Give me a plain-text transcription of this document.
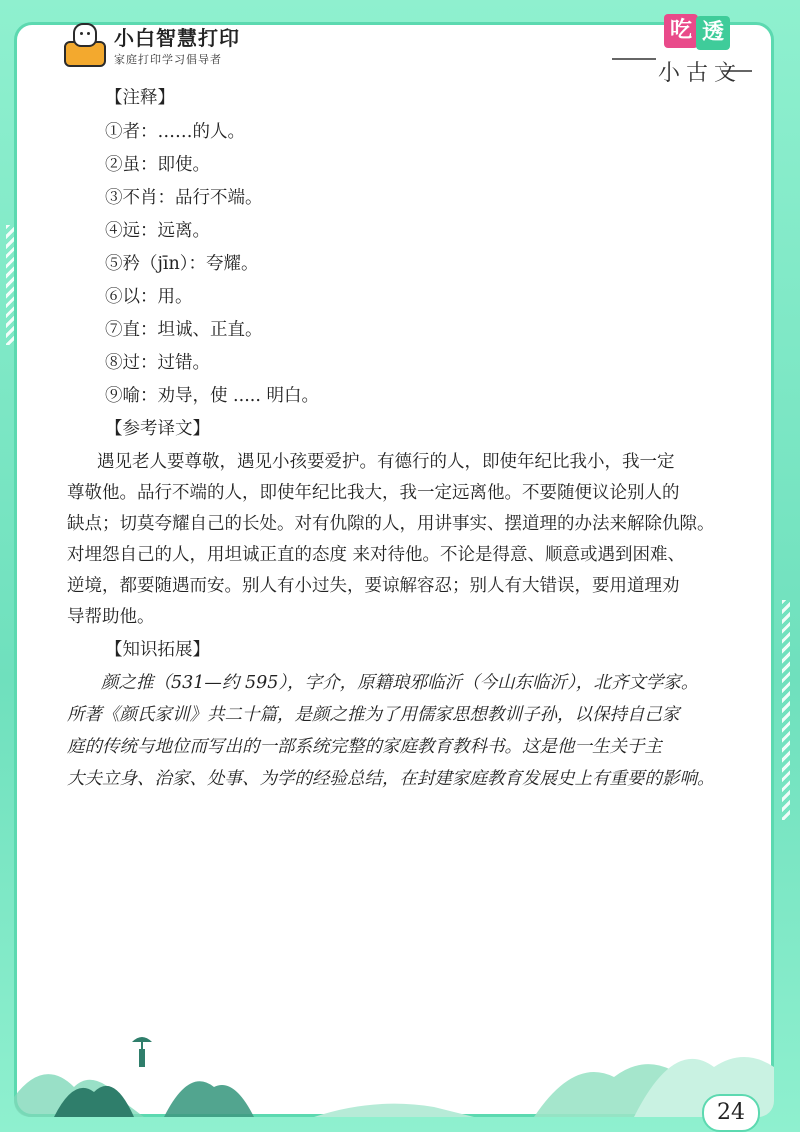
小白智慧打印
家庭打印学习倡导者
吃 透
小古文
【注释】
①者：……的人。
②虽：即使。
③不肖：品行不端。
④远：远离。
⑤矜（jīn）：夸耀。
⑥以：用。
⑦直：坦诚、正直。
⑧过：过错。
⑨喻：劝导，使 ..... 明白。
【参考译文】
遇见老人要尊敬，遇见小孩要爱护。有德行的人，即使年纪比我小，我一定
尊敬他。品行不端的人，即使年纪比我大，我一定远离他。不要随便议论别人的
缺点；切莫夸耀自己的长处。对有仇隙的人，用讲事实、摆道理的办法来解除仇隙。
对埋怨自己的人，用坦诚正直的态度 来对待他。不论是得意、顺意或遇到困难、
逆境，都要随遇而安。别人有小过失，要谅解容忍；别人有大错误，要用道理劝
导帮助他。
【知识拓展】
颜之推（531—约 595），字介，原籍琅邪临沂（今山东临沂），北齐文学家。
所著《颜氏家训》共二十篇，是颜之推为了用儒家思想教训子孙，以保持自己家
庭的传统与地位而写出的一部系统完整的家庭教育教科书。这是他一生关于主
大夫立身、治家、处事、为学的经验总结，在封建家庭教育发展史上有重要的影响。
24
